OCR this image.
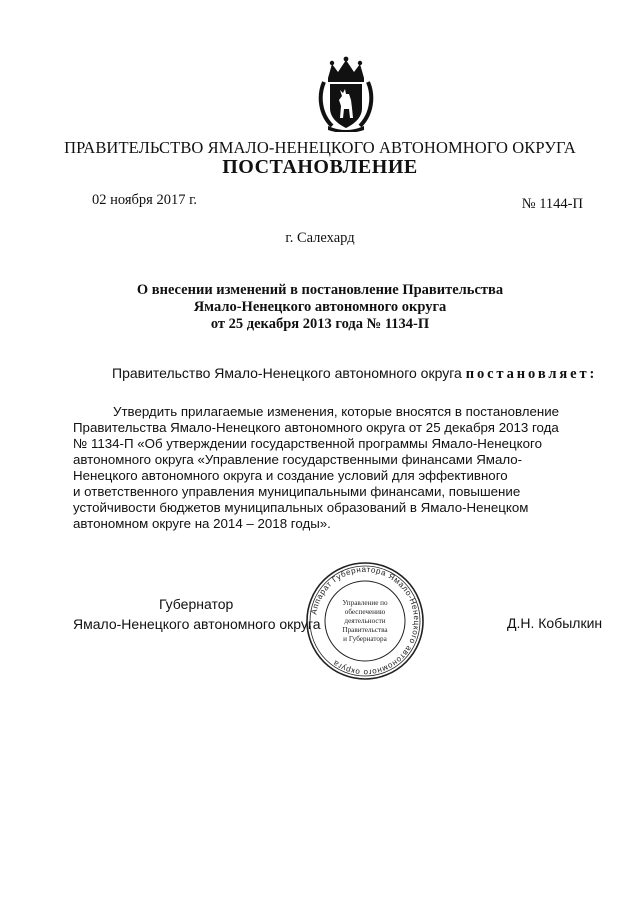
ПРАВИТЕЛЬСТВО ЯМАЛО-НЕНЕЦКОГО АВТОНОМНОГО ОКРУГА
ПОСТАНОВЛЕНИЕ
02 ноября 2017 г.	№ 1144-П
г. Салехард
О внесении изменений в постановление Правительства
Ямало-Ненецкого автономного округа
от 25 декабря 2013 года № 1134-П
Правительство Ямало-Ненецкого автономного округа постановляет:
Утвердить прилагаемые изменения, которые вносятся в постановление
Правительства Ямало-Ненецкого автономного округа от 25 декабря 2013 года
№ 1134-П «Об утверждении государственной программы Ямало-Ненецкого
автономного округа «Управление государственными финансами Ямало-
Ненецкого автономного округа и создание условий для эффективного
и ответственного управления муниципальными финансами, повышение
устойчивости бюджетов муниципальных образований в Ямало-Ненецком
автономном округе на 2014 – 2018 годы».
Губернатор
Ямало-Ненецкого автономного округа	Д.Н. Кобылкин
Аппарат Губернатора Ямало-Ненецкого автономного округа
Управление по
обеспечению
деятельности
Правительства
и Губернатора
